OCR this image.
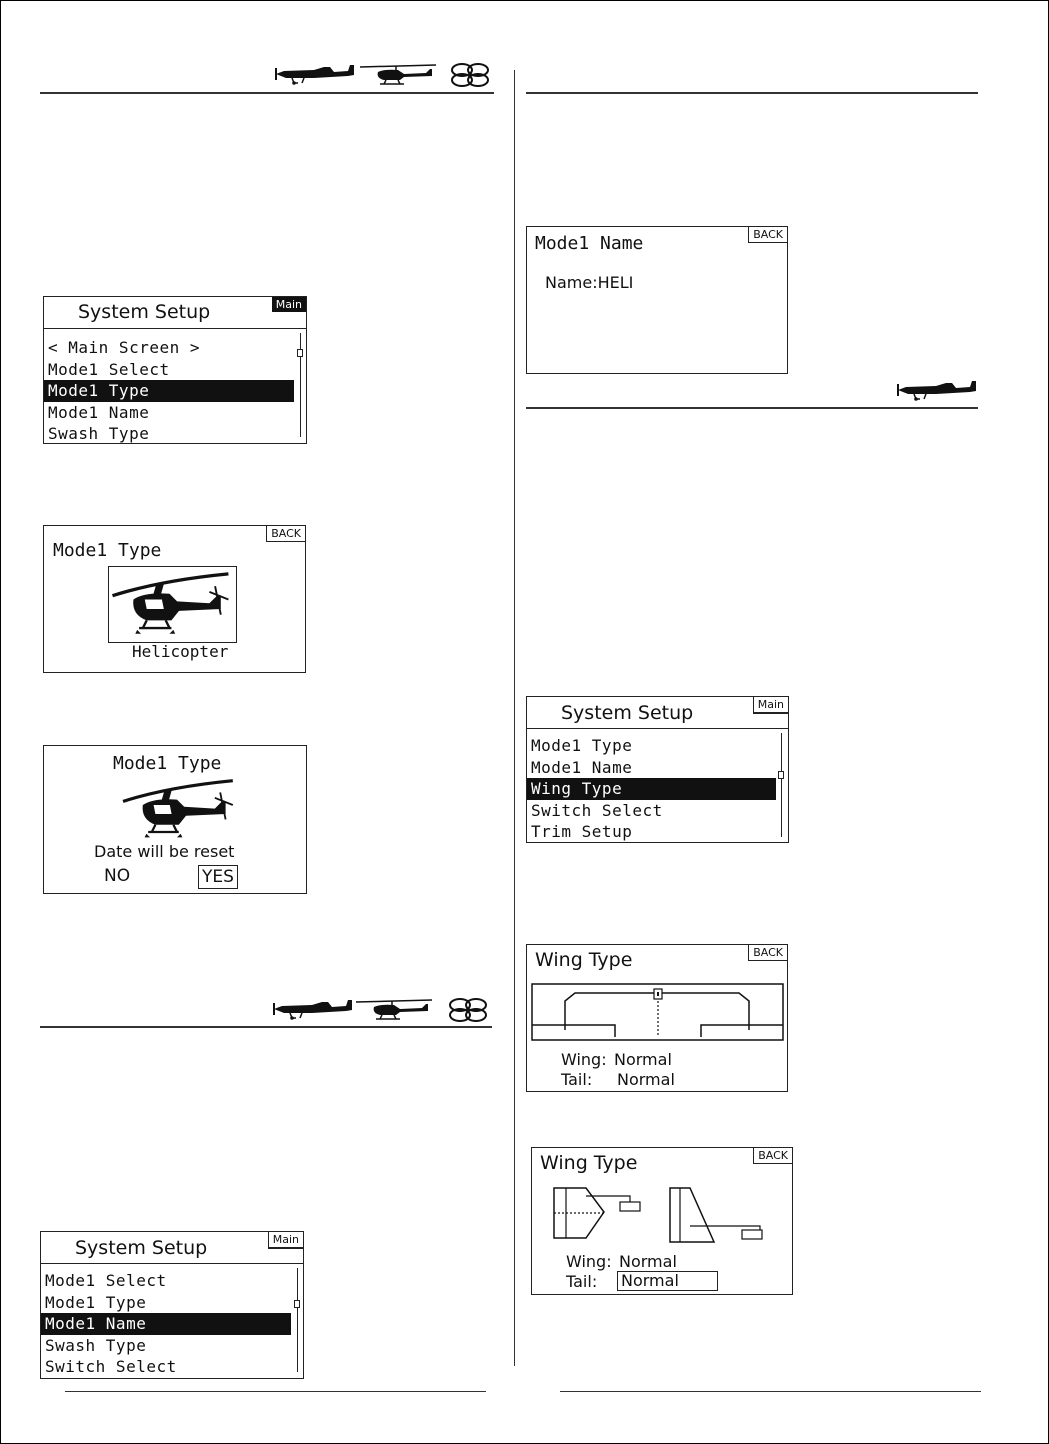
System Setup	Main
< Main Screen >
Mode1 Select
Mode1 Type
Mode1 Name
Swash Type
Mode1 Type
BACK
Helicopter
Mode1 Type
Date will be reset
NO	YES
System Setup	Main
Mode1 Select
Mode1 Type
Mode1 Name
Swash Type
Switch Select
Mode1 Name	BACK
Name:HELI
System Setup	Main
Mode1 Type
Mode1 Name
Wing Type
Switch Select
Trim Setup
Wing Type	BACK
Wing: Normal
Tail: Normal
Wing Type	BACK
Wing: Normal
Tail: Normal
